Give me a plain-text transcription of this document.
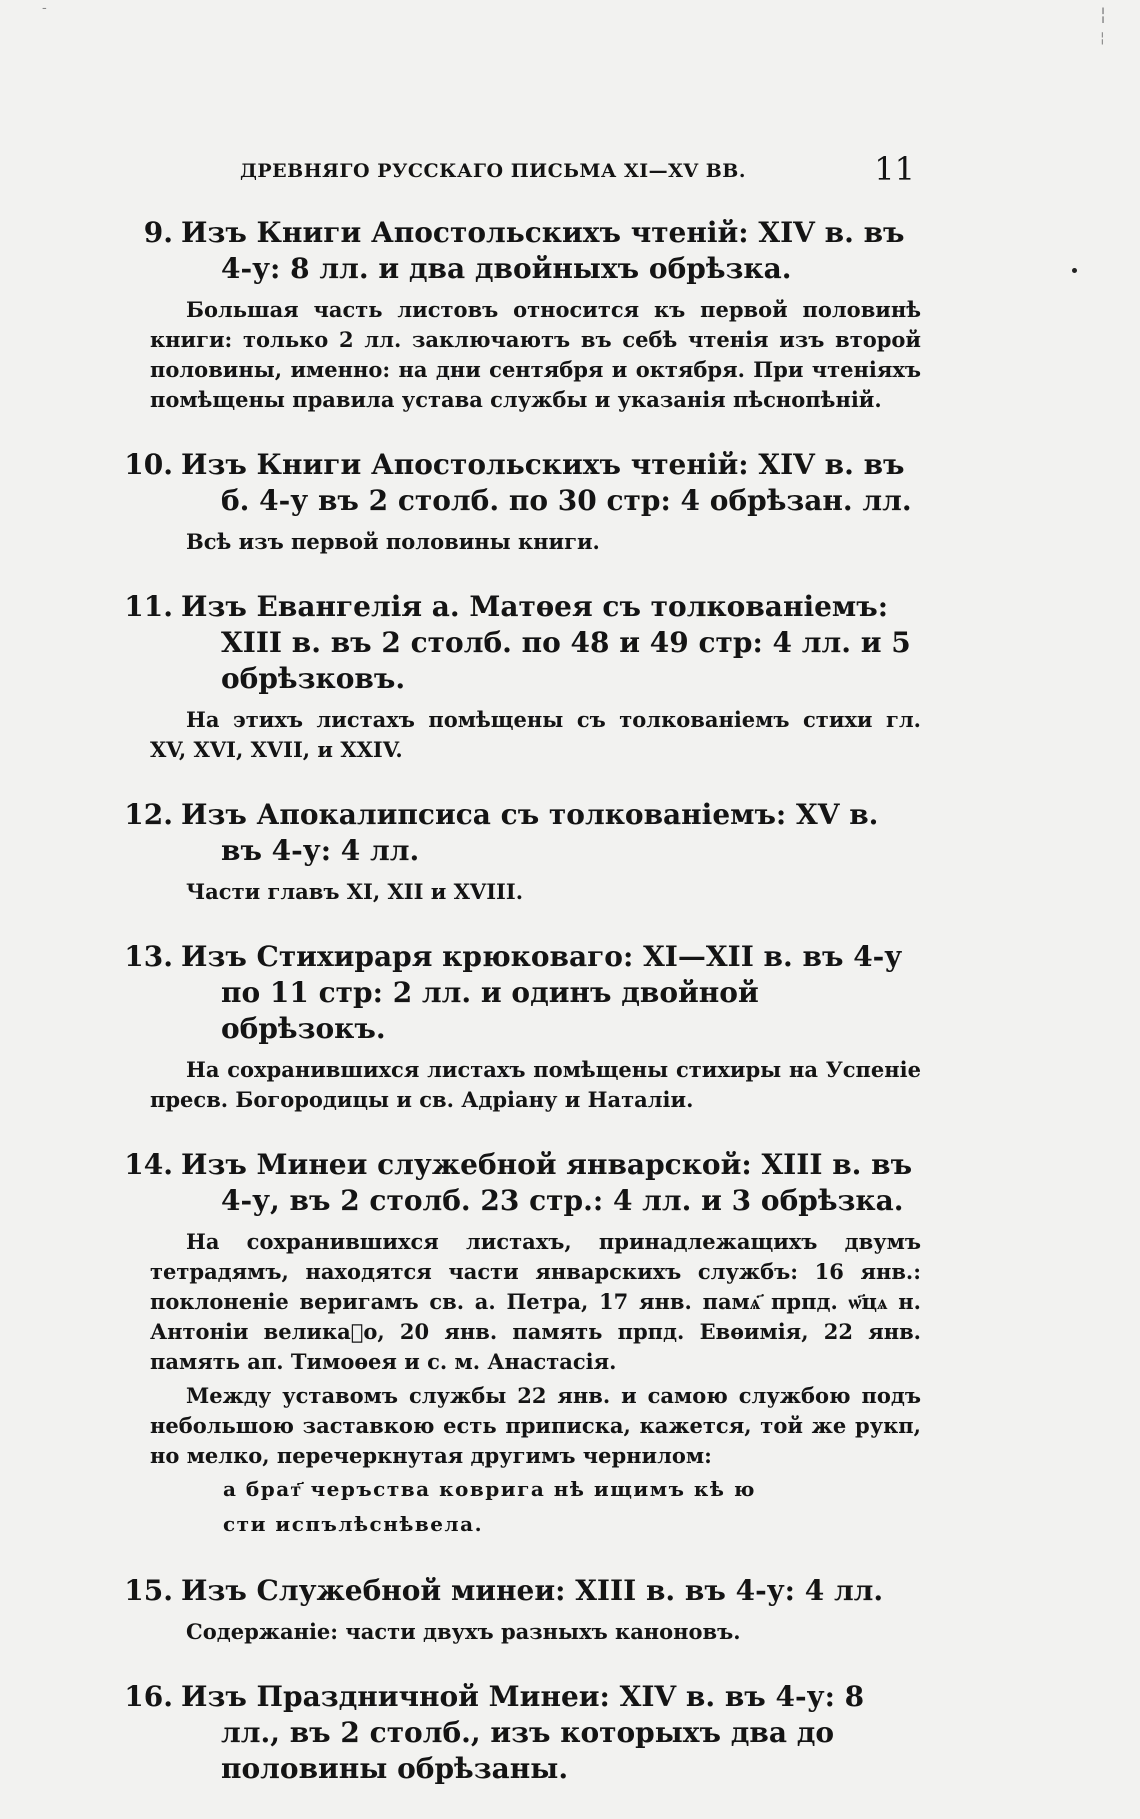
-	¦
¦
ДРЕВНЯГО РУССКАГО ПИСЬМА XI—XV ВВ.	11
9. Изъ Книги Апостольскихъ чтеній: XIV в. въ 4-у: 8 лл. и два двойныхъ обрѣзка.
Большая часть листовъ относится къ первой половинѣ книги: только 2 лл. заключаютъ въ себѣ чтенія изъ второй половины, именно: на дни сентября и октября. При чтеніяхъ помѣщены правила устава службы и указанія пѣснопѣній.
10. Изъ Книги Апостольскихъ чтеній: XIV в. въ б. 4-у въ 2 столб. по 30 стр: 4 обрѣзан. лл.
Всѣ изъ первой половины книги.
11. Изъ Евангелія а. Матѳея съ толкованіемъ: XIII в. въ 2 столб. по 48 и 49 стр: 4 лл. и 5 обрѣзковъ.
На этихъ листахъ помѣщены съ толкованіемъ стихи гл. XV, XVI, XVII, и XXIV.
12. Изъ Апокалипсиса съ толкованіемъ: XV в. въ 4-у: 4 лл.
Части главъ XI, XII и XVIII.
13. Изъ Стихираря крюковаго: XI—XII в. въ 4-у по 11 стр: 2 лл. и одинъ двойной обрѣзокъ.
На сохранившихся листахъ помѣщены стихиры на Успеніе пресв. Богородицы и св. Адріану и Наталіи.
14. Изъ Минеи служебной январской: XIII в. въ 4-у, въ 2 столб. 23 стр.: 4 лл. и 3 обрѣзка.
На сохранившихся листахъ, принадлежащихъ двумъ тетрадямъ, находятся части январскихъ службъ: 16 янв.: поклоненіе веригамъ св. а. Петра, 17 янв. памѧ҃ прпд. ѡ҃цѧ н. Антоніи великаᷦо, 20 янв. память прпд. Евѳимія, 22 янв. память ап. Тимоѳея и с. м. Анастасія.
Между уставомъ службы 22 янв. и самою службою подъ небольшою заставкою есть приписка, кажется, той же рукп, но мелко, перечеркнутая другимъ чернилом:
а брат҃ черъства коврига нѣ ищимъ кѣ ю
сти испълѣснѣвела.
15. Изъ Служебной минеи: XIII в. въ 4-у: 4 лл.
Содержаніе: части двухъ разныхъ каноновъ.
16. Изъ Праздничной Минеи: XIV в. въ 4-у: 8 лл., въ 2 столб., изъ которыхъ два до половины обрѣзаны.
